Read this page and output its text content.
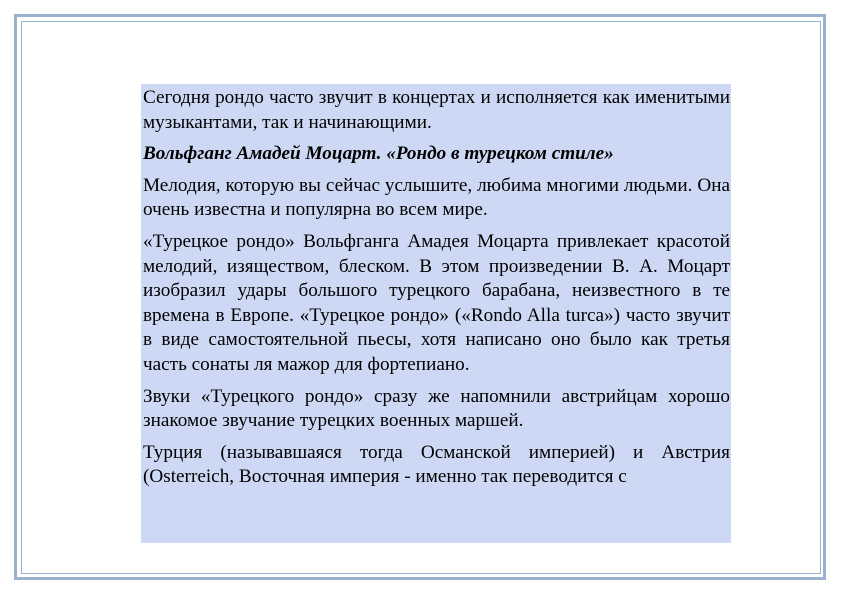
Сегодня рондо часто звучит в концертах и исполняется как именитыми музыкантами, так и начинающими.

Вольфганг Амадей Моцарт. «Рондо в турецком стиле»

Мелодия, которую вы сейчас услышите, любима многими людьми. Она очень известна и популярна во всем мире.

«Турецкое рондо» Вольфганга Амадея Моцарта привлекает красотой мелодий, изяществом, блеском. В этом произведении В. А. Моцарт изобразил удары большого турецкого барабана, неизвестного в те времена в Европе. «Турецкое рондо» («Rondo Alla turca») часто звучит в виде самостоятельной пьесы, хотя написано оно было как третья часть сонаты ля мажор для фортепиано.

Звуки «Турецкого рондо» сразу же напомнили австрийцам хорошо знакомое звучание турецких военных маршей.

Турция (называвшаяся тогда Османской империей) и Австрия (Osterreich, Восточная империя - именно так переводится с
